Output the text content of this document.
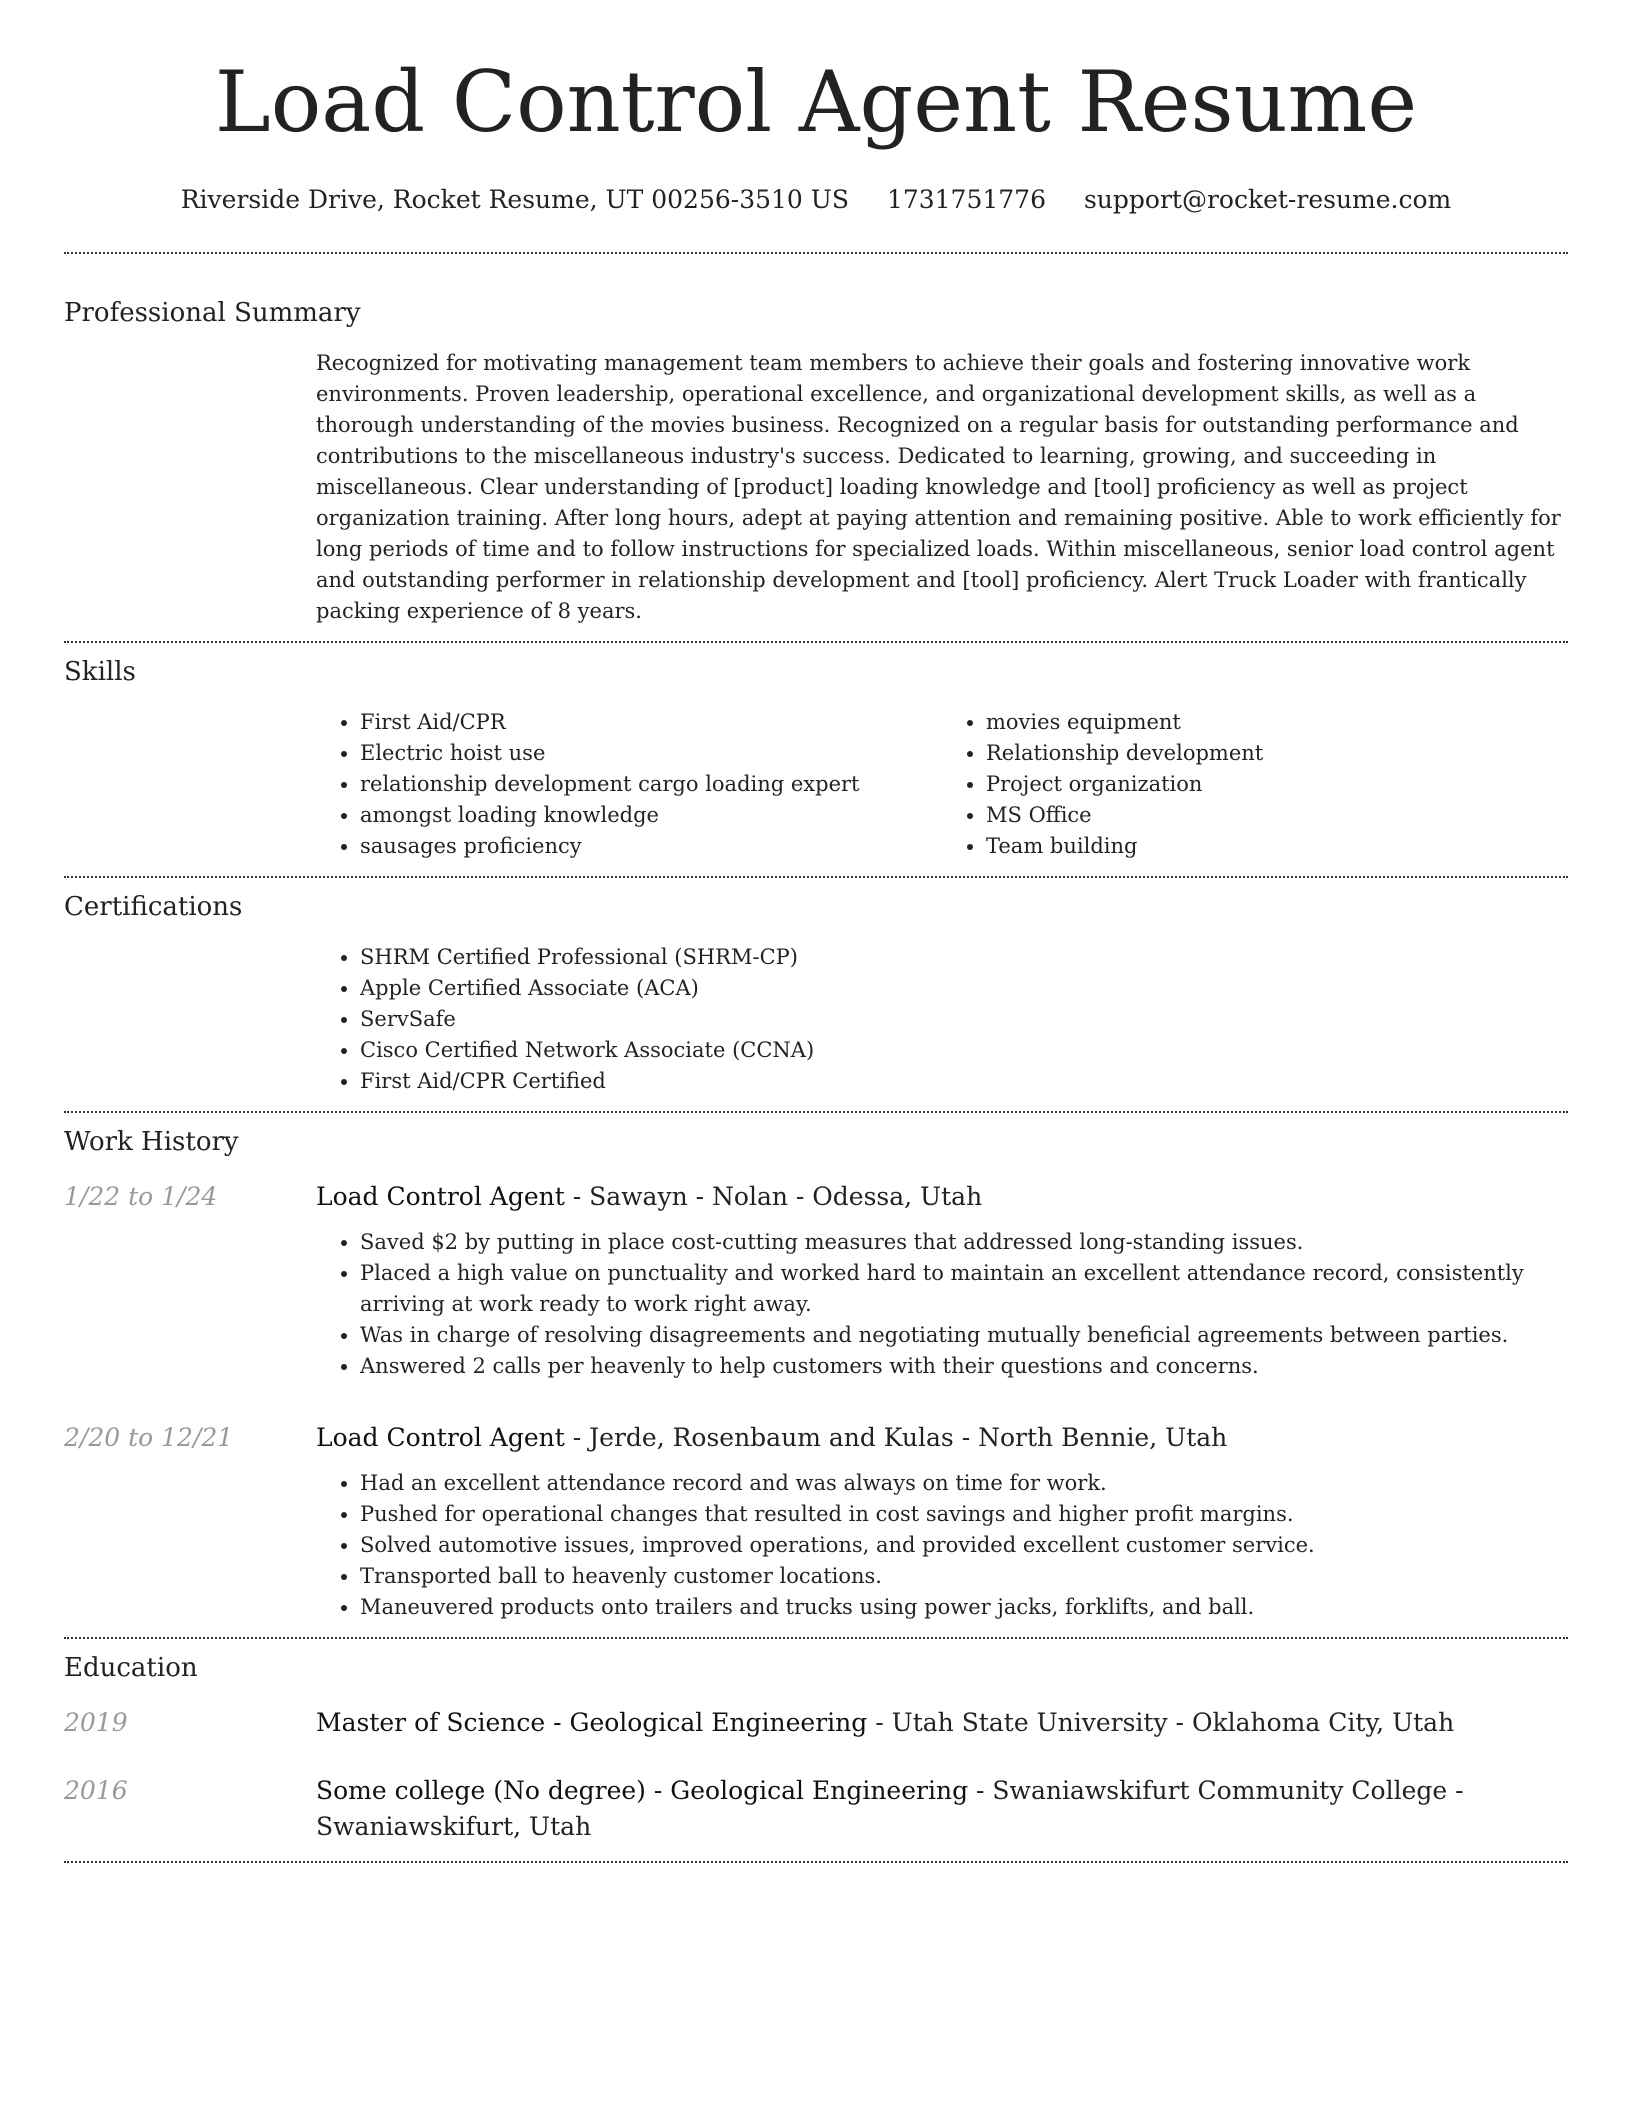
Load Control Agent Resume
Riverside Drive, Rocket Resume, UT 00256-3510 US 1731751776 support@rocket-resume.com
Professional Summary

Recognized for motivating management team members to achieve their goals and fostering innovative work environments. Proven leadership, operational excellence, and organizational development skills, as well as a thorough understanding of the movies business. Recognized on a regular basis for outstanding performance and contributions to the miscellaneous industry's success. Dedicated to learning, growing, and succeeding in miscellaneous. Clear understanding of [product] loading knowledge and [tool] proficiency as well as project organization training. After long hours, adept at paying attention and remaining positive. Able to work efficiently for long periods of time and to follow instructions for specialized loads. Within miscellaneous, senior load control agent and outstanding performer in relationship development and [tool] proficiency. Alert Truck Loader with frantically packing experience of 8 years.

Skills
• First Aid/CPR
• Electric hoist use
• relationship development cargo loading expert
• amongst loading knowledge
• sausages proficiency
• movies equipment
• Relationship development
• Project organization
• MS Office
• Team building
Certifications
• SHRM Certified Professional (SHRM-CP)
• Apple Certified Associate (ACA)
• ServSafe
• Cisco Certified Network Associate (CCNA)
• First Aid/CPR Certified
Work History
1/22 to 1/24	Load Control Agent - Sawayn - Nolan - Odessa, Utah
• Saved $2 by putting in place cost-cutting measures that addressed long-standing issues.
• Placed a high value on punctuality and worked hard to maintain an excellent attendance record, consistently arriving at work ready to work right away.
• Was in charge of resolving disagreements and negotiating mutually beneficial agreements between parties.
• Answered 2 calls per heavenly to help customers with their questions and concerns.
2/20 to 12/21	Load Control Agent - Jerde, Rosenbaum and Kulas - North Bennie, Utah
• Had an excellent attendance record and was always on time for work.
• Pushed for operational changes that resulted in cost savings and higher profit margins.
• Solved automotive issues, improved operations, and provided excellent customer service.
• Transported ball to heavenly customer locations.
• Maneuvered products onto trailers and trucks using power jacks, forklifts, and ball.
Education
2019	Master of Science - Geological Engineering - Utah State University - Oklahoma City, Utah
2016	Some college (No degree) - Geological Engineering - Swaniawskifurt Community College - Swaniawskifurt, Utah
